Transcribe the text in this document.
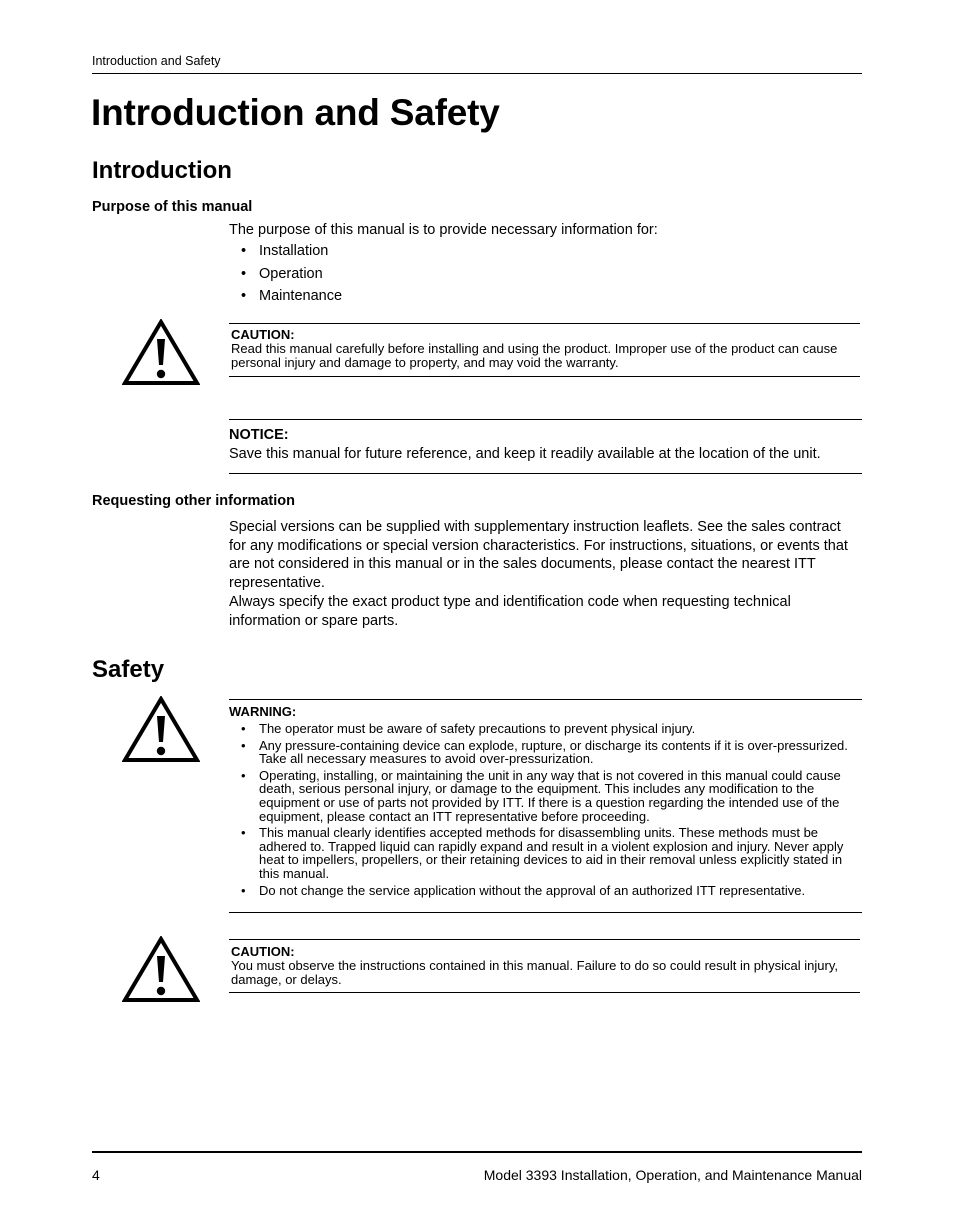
Introduction and Safety
Introduction and Safety
Introduction
Purpose of this manual
The purpose of this manual is to provide necessary information for:
• Installation
• Operation
• Maintenance
CAUTION:
Read this manual carefully before installing and using the product. Improper use of the product can cause personal injury and damage to property, and may void the warranty.
NOTICE:
Save this manual for future reference, and keep it readily available at the location of the unit.
Requesting other information
Special versions can be supplied with supplementary instruction leaflets. See the sales contract for any modifications or special version characteristics. For instructions, situations, or events that are not considered in this manual or in the sales documents, please contact the nearest ITT representative.
Always specify the exact product type and identification code when requesting technical information or spare parts.
Safety
WARNING:
• The operator must be aware of safety precautions to prevent physical injury.
• Any pressure-containing device can explode, rupture, or discharge its contents if it is over-pressurized. Take all necessary measures to avoid over-pressurization.
• Operating, installing, or maintaining the unit in any way that is not covered in this manual could cause death, serious personal injury, or damage to the equipment. This includes any modification to the equipment or use of parts not provided by ITT. If there is a question regarding the intended use of the equipment, please contact an ITT representative before proceeding.
• This manual clearly identifies accepted methods for disassembling units. These methods must be adhered to. Trapped liquid can rapidly expand and result in a violent explosion and injury. Never apply heat to impellers, propellers, or their retaining devices to aid in their removal unless explicitly stated in this manual.
• Do not change the service application without the approval of an authorized ITT representative.
CAUTION:
You must observe the instructions contained in this manual. Failure to do so could result in physical injury, damage, or delays.
4	Model 3393 Installation, Operation, and Maintenance Manual
